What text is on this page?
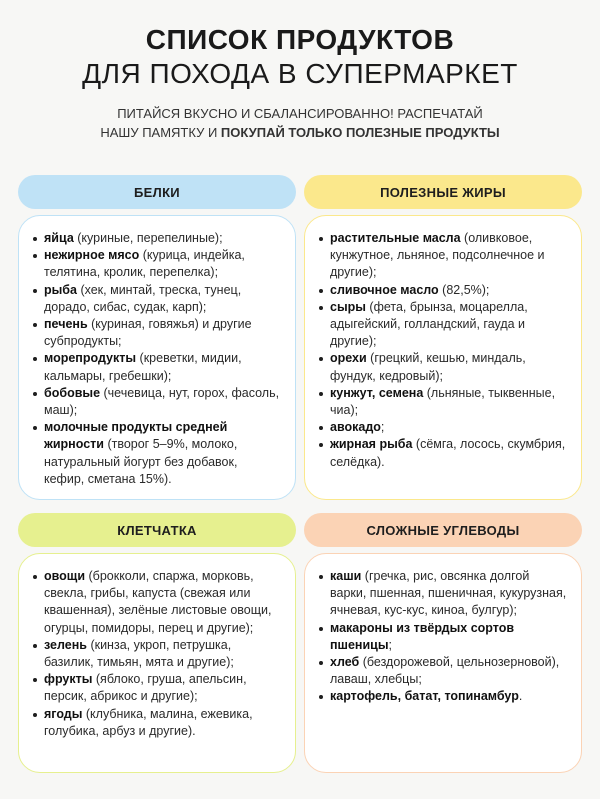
СПИСОК ПРОДУКТОВ
ДЛЯ ПОХОДА В СУПЕРМАРКЕТ
ПИТАЙСЯ ВКУСНО И СБАЛАНСИРОВАННО! РАСПЕЧАТАЙ
НАШУ ПАМЯТКУ И ПОКУПАЙ ТОЛЬКО ПОЛЕЗНЫЕ ПРОДУКТЫ
БЕЛКИ
яйца (куриные, перепелиные);
нежирное мясо (курица, индейка, телятина, кролик, перепелка);
рыба (хек, минтай, треска, тунец, дорадо, сибас, судак, карп);
печень (куриная, говяжья) и другие субпродукты;
морепродукты (креветки, мидии, кальмары, гребешки);
бобовые (чечевица, нут, горох, фасоль, маш);
молочные продукты средней жирности (творог 5–9%, молоко, натуральный йогурт без добавок, кефир, сметана 15%).
ПОЛЕЗНЫЕ ЖИРЫ
растительные масла (оливковое, кунжутное, льняное, подсолнечное и другие);
сливочное масло (82,5%);
сыры (фета, брынза, моцарелла, адыгейский, голландский, гауда и другие);
орехи (грецкий, кешью, миндаль, фундук, кедровый);
кунжут, семена (льняные, тыквенные, чиа);
авокадо;
жирная рыба (сёмга, лосось, скумбрия, селёдка).
КЛЕТЧАТКА
овощи (брокколи, спаржа, морковь, свекла, грибы, капуста (свежая или квашенная), зелёные листовые овощи, огурцы, помидоры, перец и другие);
зелень (кинза, укроп, петрушка, базилик, тимьян, мята и другие);
фрукты (яблоко, груша, апельсин, персик, абрикос и другие);
ягоды (клубника, малина, ежевика, голубика, арбуз и другие).
СЛОЖНЫЕ УГЛЕВОДЫ
каши (гречка, рис, овсянка долгой варки, пшенная, пшеничная, кукурузная, ячневая, кус-кус, киноа, булгур);
макароны из твёрдых сортов пшеницы;
хлеб (бездорожевой, цельнозерновой), лаваш, хлебцы;
картофель, батат, топинамбур.
